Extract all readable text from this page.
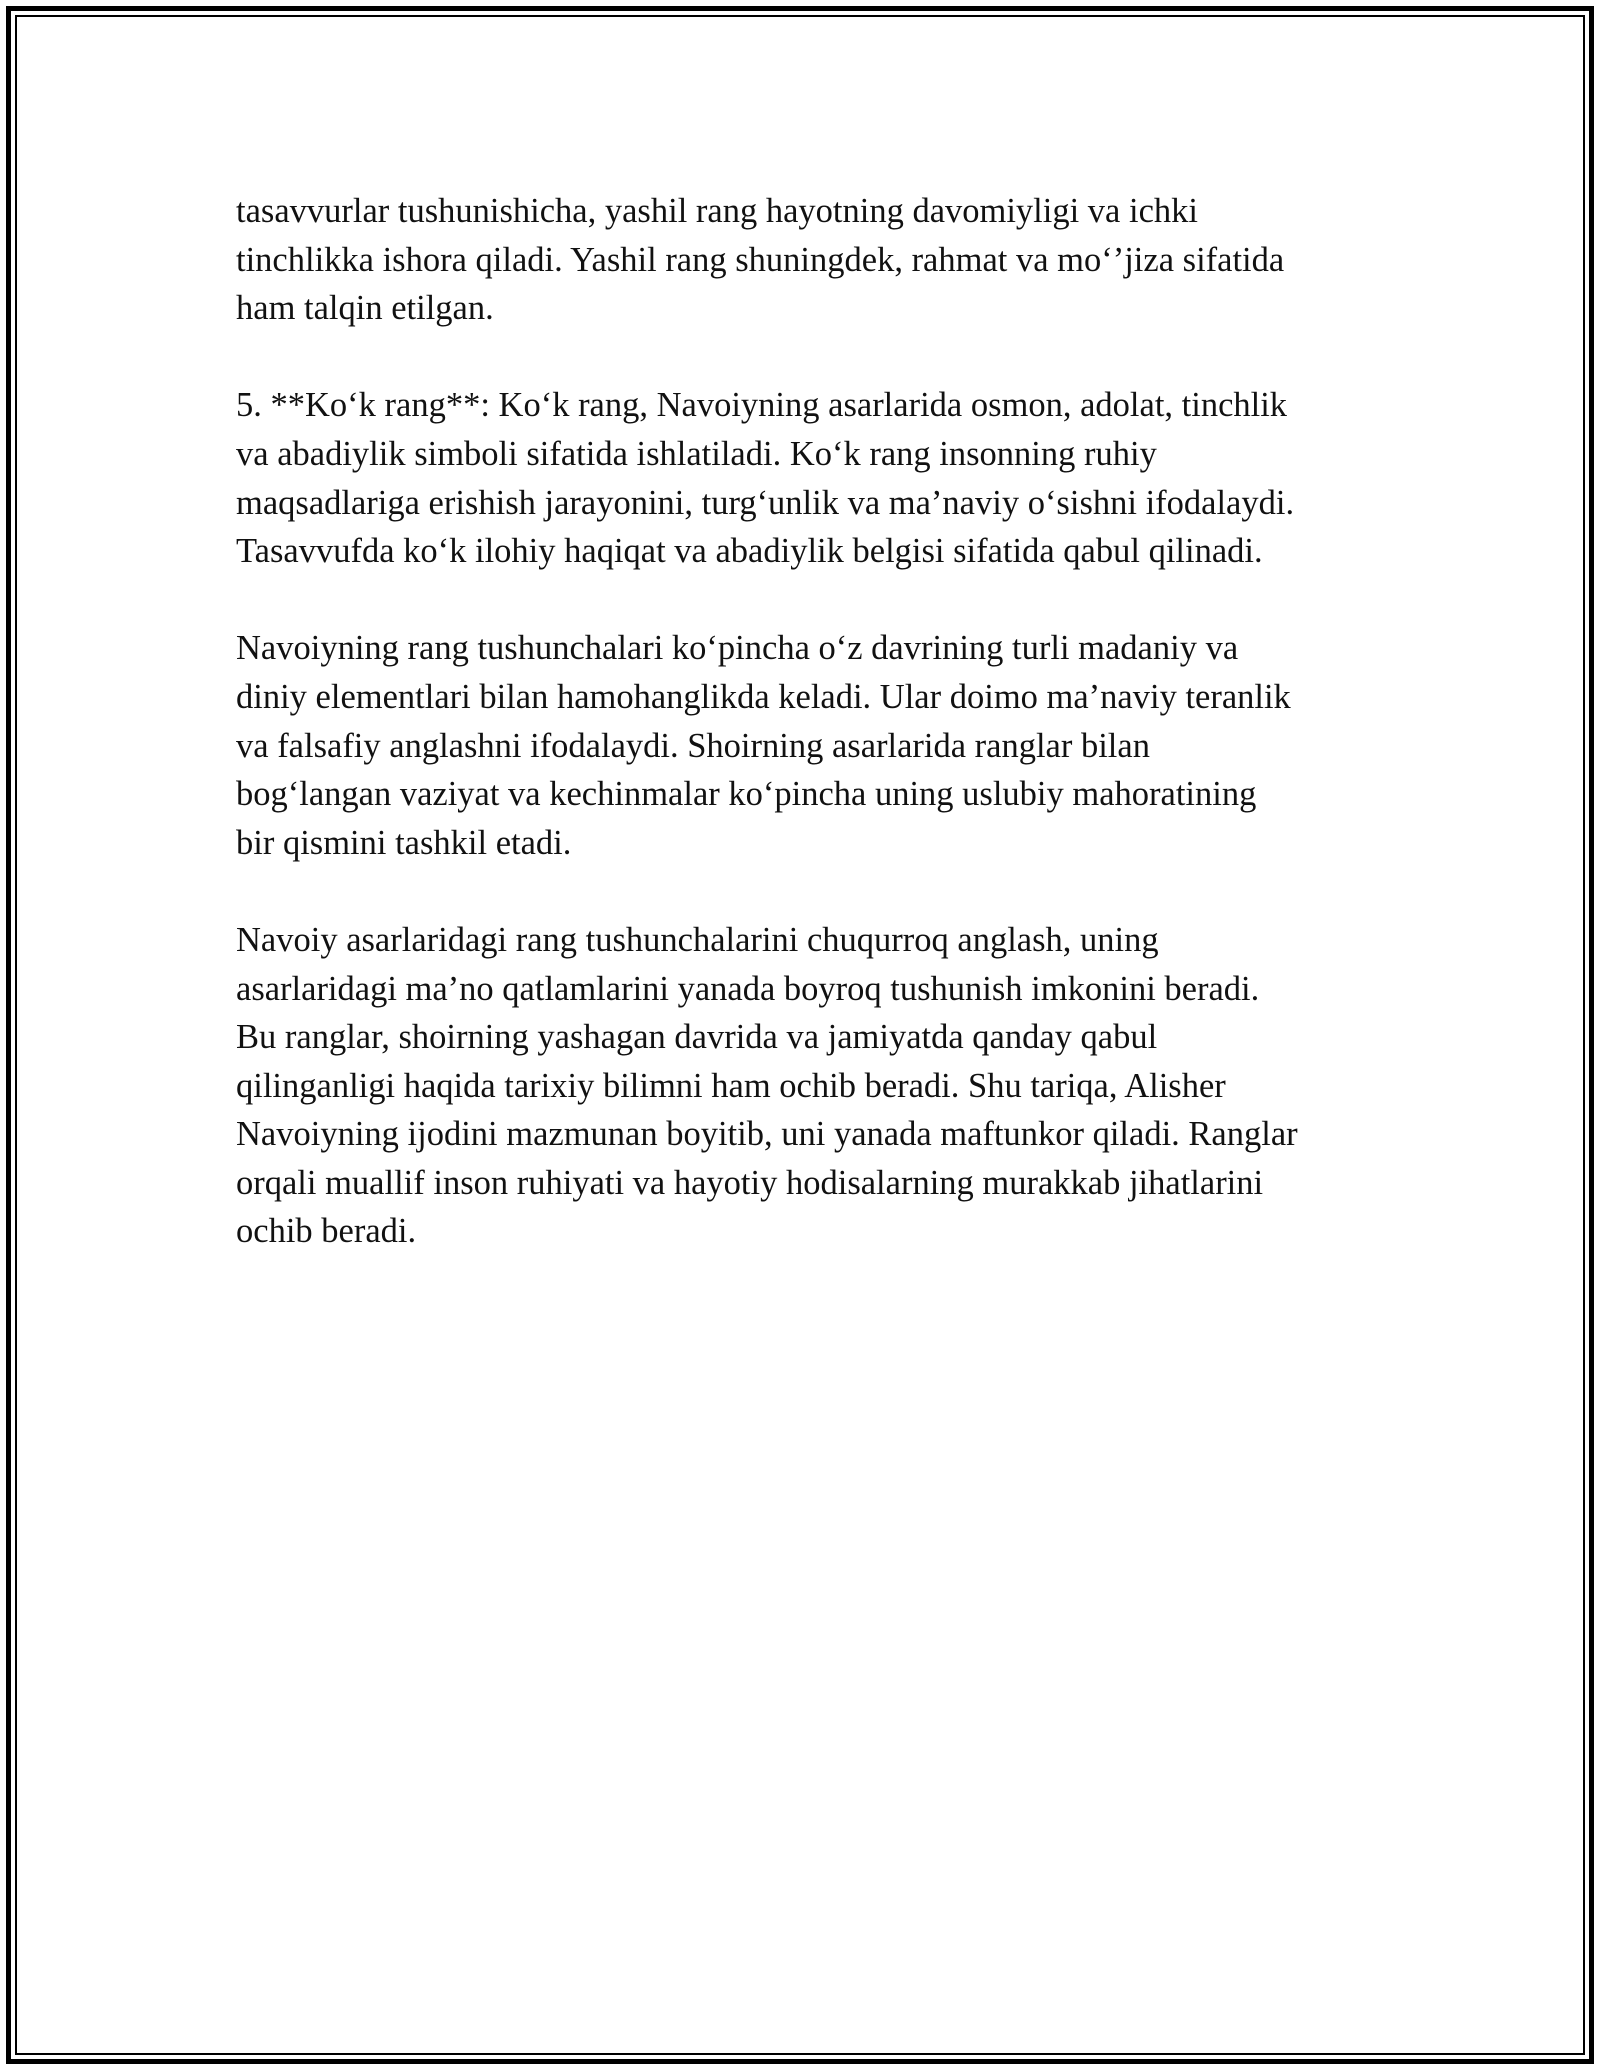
tasavvurlar tushunishicha, yashil rang hayotning davomiyligi va ichki
tinchlikka ishora qiladi. Yashil rang shuningdek, rahmat va mo‘’jiza sifatida
ham talqin etilgan.
5. **Ko‘k rang**: Ko‘k rang, Navoiyning asarlarida osmon, adolat, tinchlik
va abadiylik simboli sifatida ishlatiladi. Ko‘k rang insonning ruhiy
maqsadlariga erishish jarayonini, turg‘unlik va ma’naviy o‘sishni ifodalaydi.
Tasavvufda ko‘k ilohiy haqiqat va abadiylik belgisi sifatida qabul qilinadi.
Navoiyning rang tushunchalari ko‘pincha o‘z davrining turli madaniy va
diniy elementlari bilan hamohanglikda keladi. Ular doimo ma’naviy teranlik
va falsafiy anglashni ifodalaydi. Shoirning asarlarida ranglar bilan
bog‘langan vaziyat va kechinmalar ko‘pincha uning uslubiy mahoratining
bir qismini tashkil etadi.
Navoiy asarlaridagi rang tushunchalarini chuqurroq anglash, uning
asarlaridagi ma’no qatlamlarini yanada boyroq tushunish imkonini beradi.
Bu ranglar, shoirning yashagan davrida va jamiyatda qanday qabul
qilinganligi haqida tarixiy bilimni ham ochib beradi. Shu tariqa, Alisher
Navoiyning ijodini mazmunan boyitib, uni yanada maftunkor qiladi. Ranglar
orqali muallif inson ruhiyati va hayotiy hodisalarning murakkab jihatlarini
ochib beradi.
